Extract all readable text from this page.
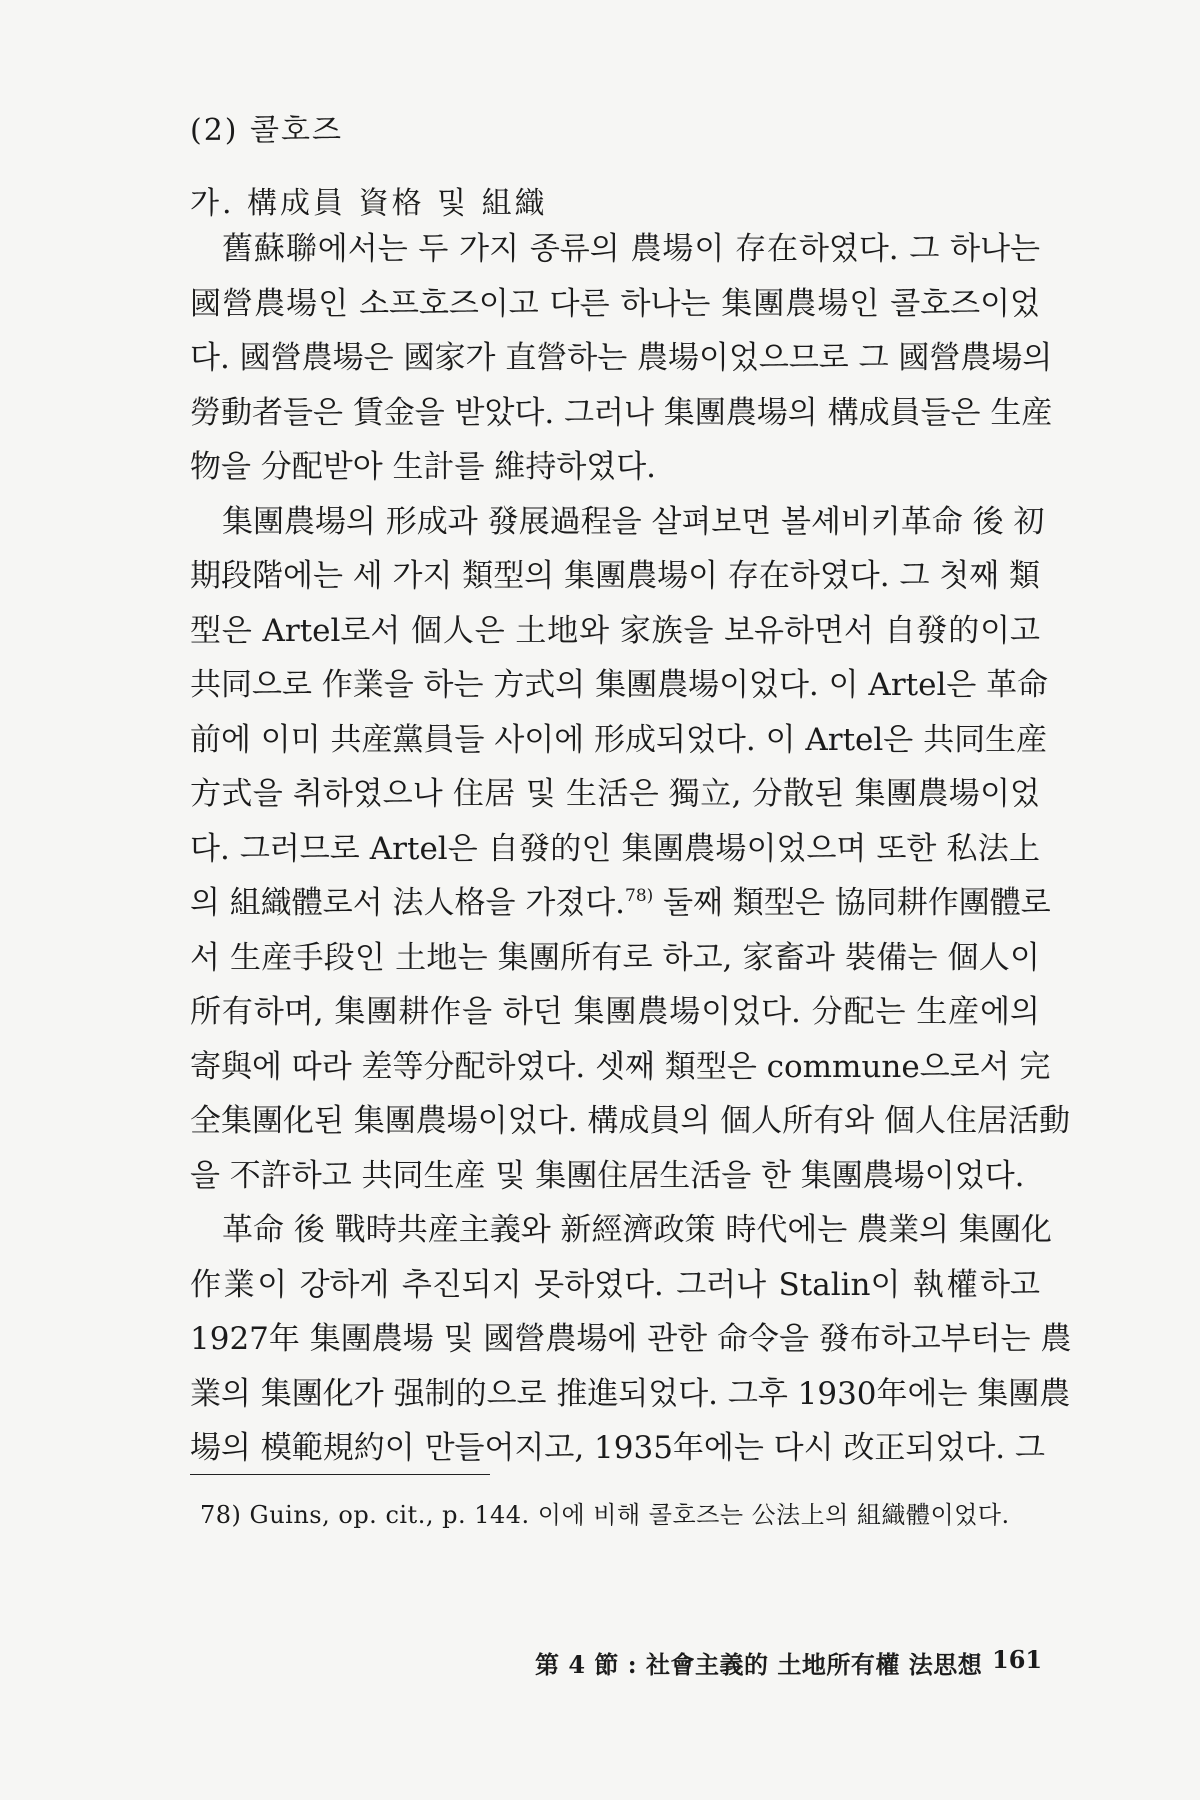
(2) 콜호즈
가. 構成員 資格 및 組織
舊蘇聯에서는 두 가지 종류의 農場이 存在하였다. 그 하나는
國營農場인 소프호즈이고 다른 하나는 集團農場인 콜호즈이었
다. 國營農場은 國家가 直營하는 農場이었으므로 그 國營農場의
勞動者들은 賃金을 받았다. 그러나 集團農場의 構成員들은 生産
物을 分配받아 生計를 維持하였다.
集團農場의 形成과 發展過程을 살펴보면 볼셰비키革命 後 初
期段階에는 세 가지 類型의 集團農場이 存在하였다. 그 첫째 類
型은 Artel로서 個人은 土地와 家族을 보유하면서 自發的이고
共同으로 作業을 하는 方式의 集團農場이었다. 이 Artel은 革命
前에 이미 共産黨員들 사이에 形成되었다. 이 Artel은 共同生産
方式을 취하였으나 住居 및 生活은 獨立, 分散된 集團農場이었
다. 그러므로 Artel은 自發的인 集團農場이었으며 또한 私法上
의 組織體로서 法人格을 가졌다.$^{78)}$ 둘째 類型은 協同耕作團體로
서 生産手段인 土地는 集團所有로 하고, 家畜과 裝備는 個人이
所有하며, 集團耕作을 하던 集團農場이었다. 分配는 生産에의
寄與에 따라 差等分配하였다. 셋째 類型은 commune으로서 完
全集團化된 集團農場이었다. 構成員의 個人所有와 個人住居活動
을 不許하고 共同生産 및 集團住居生活을 한 集團農場이었다.
革命 後 戰時共産主義와 新經濟政策 時代에는 農業의 集團化
作業이 강하게 추진되지 못하였다. 그러나 Stalin이 執權하고
1927年 集團農場 및 國營農場에 관한 命令을 發布하고부터는 農
業의 集團化가 强制的으로 推進되었다. 그후 1930年에는 集團農
場의 模範規約이 만들어지고, 1935年에는 다시 改正되었다. 그
78) Guins, op. cit., p. 144. 이에 비해 콜호즈는 公法上의 組織體이었다.
第 4 節 : 社會主義的 土地所有權 法思想 161
